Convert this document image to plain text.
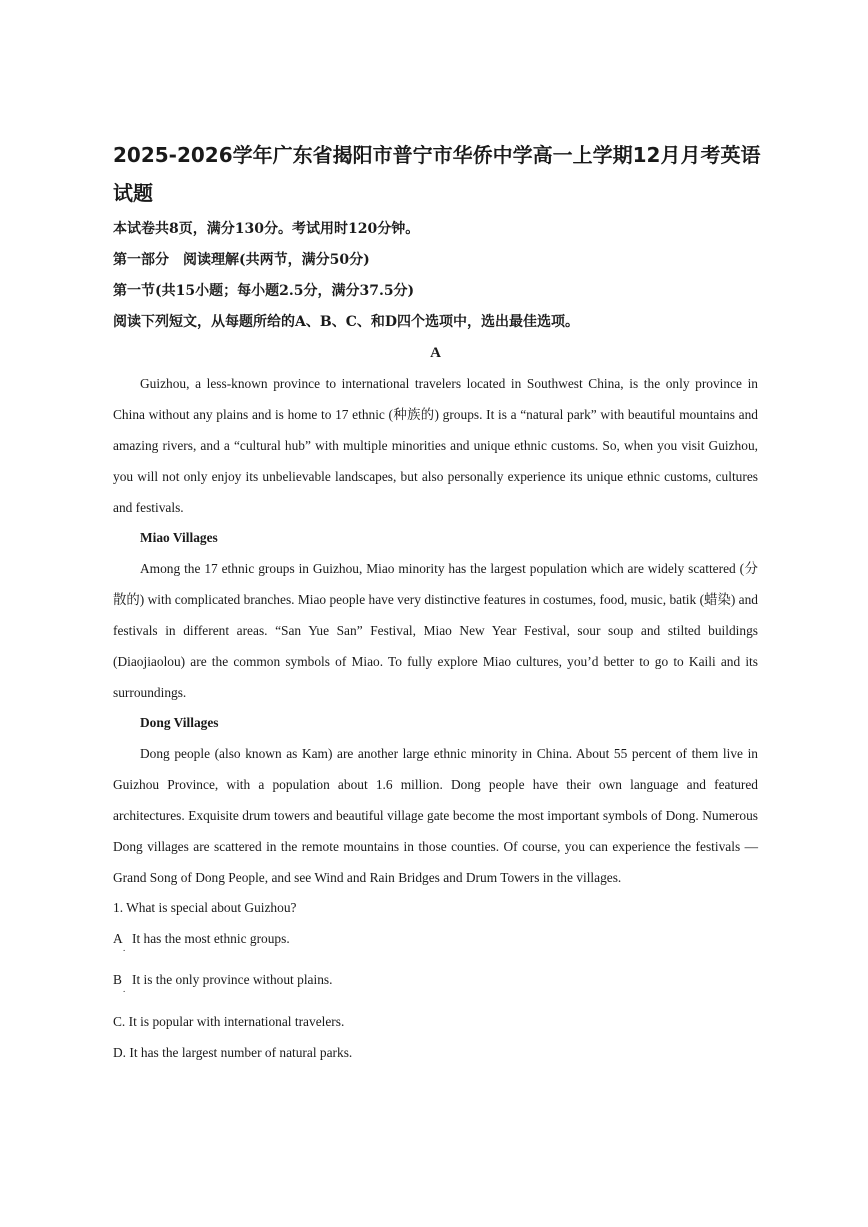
2025-2026学年广东省揭阳市普宁市华侨中学高一上学期12月月考英语试题
本试卷共8页，满分130分。考试用时120分钟。
第一部分　阅读理解(共两节，满分50分)
第一节(共15小题；每小题2.5分，满分37.5分)
阅读下列短文，从每题所给的A、B、C、和D四个选项中，选出最佳选项。
A

Guizhou, a less-known province to international travelers located in Southwest China, is the only province in China without any plains and is home to 17 ethnic (种族的) groups. It is a “natural park” with beautiful mountains and amazing rivers, and a “cultural hub” with multiple minorities and unique ethnic customs. So, when you visit Guizhou, you will not only enjoy its unbelievable landscapes, but also personally experience its unique ethnic customs, cultures and festivals.

Miao Villages

Among the 17 ethnic groups in Guizhou, Miao minority has the largest population which are widely scattered (分散的) with complicated branches. Miao people have very distinctive features in costumes, food, music, batik (蜡染) and festivals in different areas. “San Yue San” Festival, Miao New Year Festival, sour soup and stilted buildings (Diaojiaolou) are the common symbols of Miao. To fully explore Miao cultures, you’d better to go to Kaili and its surroundings.

Dong Villages

Dong people (also known as Kam) are another large ethnic minority in China. About 55 percent of them live in Guizhou Province, with a population about 1.6 million. Dong people have their own language and featured architectures. Exquisite drum towers and beautiful village gate become the most important symbols of Dong. Numerous Dong villages are scattered in the remote mountains in those counties. Of course, you can experience the festivals — Grand Song of Dong People, and see Wind and Rain Bridges and Drum Towers in the villages.

1. What is special about Guizhou?
A It has the most ethnic groups.
.
B It is the only province without plains.
.
C. It is popular with international travelers.
D. It has the largest number of natural parks.
